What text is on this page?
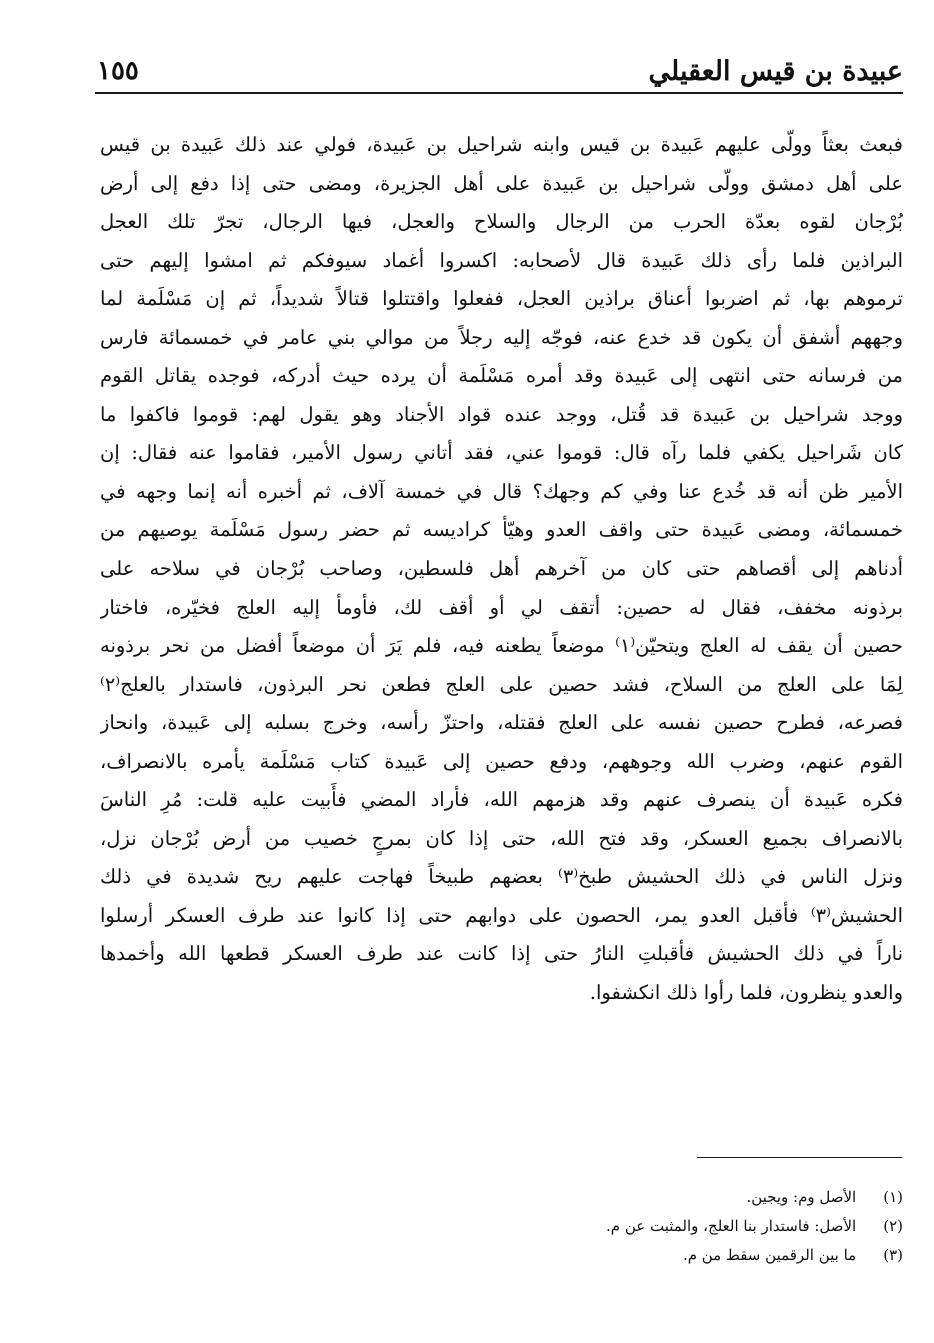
عبيدة بن قيس العقيلي
١٥٥
فبعث بعثاً وولّى عليهم عَبيدة بن قيس وابنه شراحيل بن عَبيدة، فولي عند ذلك عَبيدة بن قيس
على أهل دمشق وولّى شراحيل بن عَبيدة على أهل الجزيرة، ومضى حتى إذا دفع إلى أرض
بُرْجان لقوه بعدّة الحرب من الرجال والسلاح والعجل، فيها الرجال، تجرّ تلك العجل
البراذين فلما رأى ذلك عَبيدة قال لأصحابه: اكسروا أغماد سيوفكم ثم امشوا إليهم حتى
ترموهم بها، ثم اضربوا أعناق براذين العجل، ففعلوا واقتتلوا قتالاً شديداً، ثم إن مَسْلَمة لما
وجههم أشفق أن يكون قد خدع عنه، فوجّه إليه رجلاً من موالي بني عامر في خمسمائة فارس
من فرسانه حتى انتهى إلى عَبيدة وقد أمره مَسْلَمة أن يرده حيث أدركه، فوجده يقاتل القوم
ووجد شراحيل بن عَبيدة قد قُتل، ووجد عنده قواد الأجناد وهو يقول لهم: قوموا فاكفوا ما
كان شَراحيل يكفي فلما رآه قال: قوموا عني، فقد أتاني رسول الأمير، فقاموا عنه فقال: إن
الأمير ظن أنه قد خُدع عنا وفي كم وجهك؟ قال في خمسة آلاف، ثم أخبره أنه إنما وجهه في
خمسمائة، ومضى عَبيدة حتى واقف العدو وهيّأ كراديسه ثم حضر رسول مَسْلَمة يوصيهم من
أدناهم إلى أقصاهم حتى كان من آخرهم أهل فلسطين، وصاحب بُرْجان في سلاحه على
برذونه مخفف، فقال له حصين: أتقف لي أو أقف لك، فأومأ إليه العلج فخيّره، فاختار
حصين أن يقف له العلج ويتحيّن⁽١⁾ موضعاً يطعنه فيه، فلم يَرَ أن موضعاً أفضل من نحر برذونه
لِمَا على العلج من السلاح، فشد حصين على العلج فطعن نحر البرذون، فاستدار بالعلج⁽٢⁾
فصرعه، فطرح حصين نفسه على العلج فقتله، واحتزّ رأسه، وخرج بسلبه إلى عَبيدة، وانحاز
القوم عنهم، وضرب الله وجوههم، ودفع حصين إلى عَبيدة كتاب مَسْلَمة يأمره بالانصراف،
فكره عَبيدة أن ينصرف عنهم وقد هزمهم الله، فأراد المضي فأَبيت عليه قلت: مُرِ الناسَ
بالانصراف بجميع العسكر، وقد فتح الله، حتى إذا كان بمرجٍ خصيب من أرض بُرْجان نزل،
ونزل الناس في ذلك الحشيش طبخ⁽٣⁾ بعضهم طبيخاً فهاجت عليهم ريح شديدة في ذلك
الحشيش⁽٣⁾ فأقبل العدو يمر، الحصون على دوابهم حتى إذا كانوا عند طرف العسكر أرسلوا
ناراً في ذلك الحشيش فأقبلتِ النارُ حتى إذا كانت عند طرف العسكر قطعها الله وأخمدها
والعدو ينظرون، فلما رأوا ذلك انكشفوا.
(١) الأصل وم: ويجين.
(٢) الأصل: فاستدار بنا العلج، والمثبت عن م.
(٣) ما بين الرقمين سقط من م.
